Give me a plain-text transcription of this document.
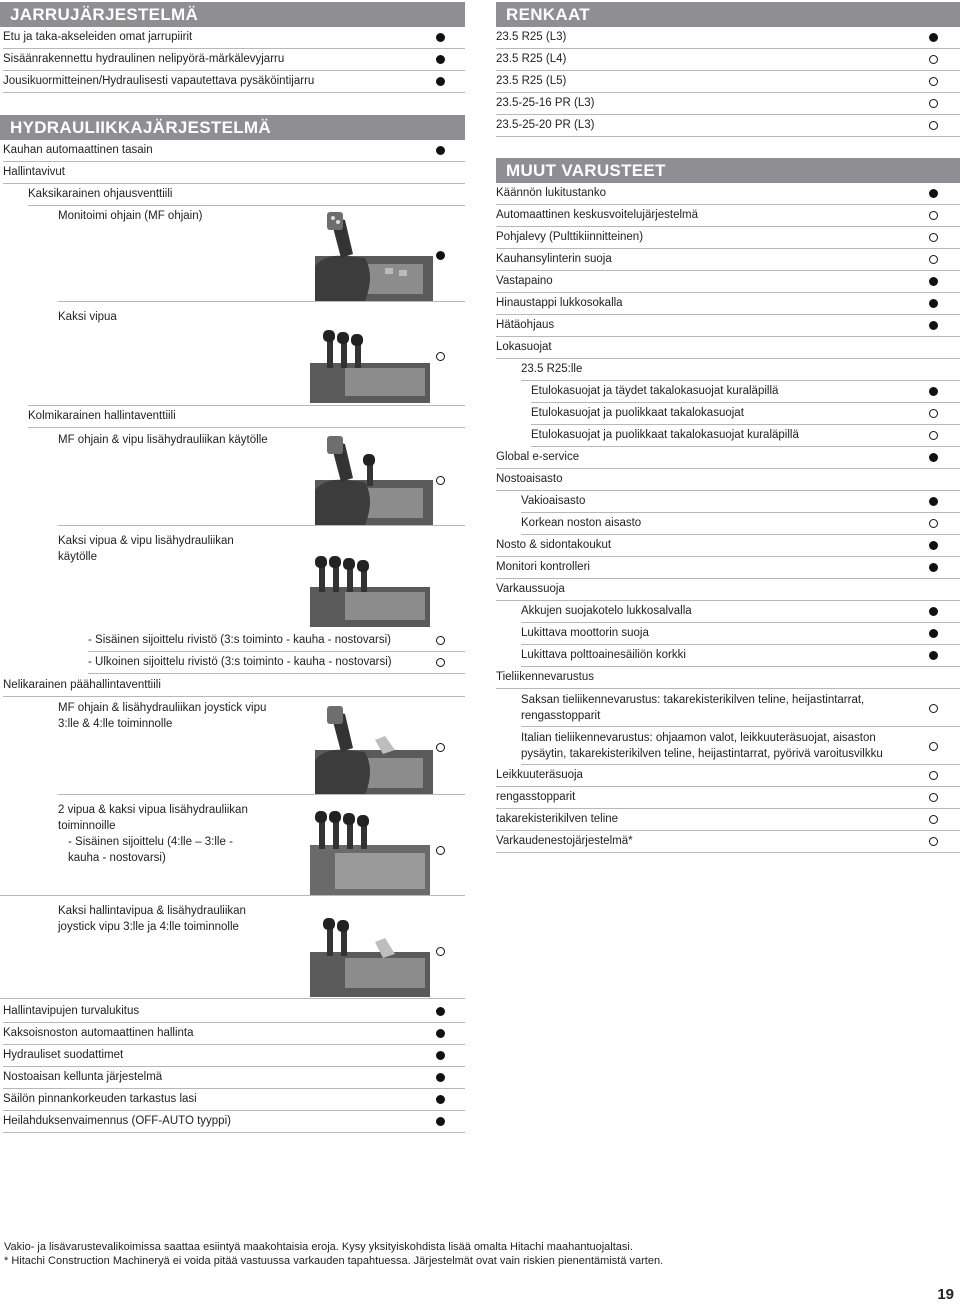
JARRUJÄRJESTELMÄ
Etu ja taka-akseleiden omat jarrupiirit
Sisäänrakennettu hydraulinen nelipyörä-märkälevyjarru
Jousikuormitteinen/Hydraulisesti vapautettava pysäköintijarru
HYDRAULIIKKAJÄRJESTELMÄ
Kauhan automaattinen tasain
Hallintavivut
Kaksikarainen ohjausventtiili
Monitoimi ohjain (MF ohjain)
Kaksi vipua
Kolmikarainen hallintaventtiili
MF ohjain & vipu lisähydrauliikan käytölle
Kaksi vipua & vipu lisähydrauliikan käytölle
- Sisäinen sijoittelu rivistö (3:s toiminto - kauha - nostovarsi)
- Ulkoinen sijoittelu rivistö (3:s toiminto - kauha - nostovarsi)
Nelikarainen päähallintaventtiili
MF ohjain & lisähydrauliikan joystick vipu 3:lle & 4:lle toiminnolle
2 vipua & kaksi vipua lisähydrauliikan toiminnoille
- Sisäinen sijoittelu (4:lle – 3:lle - kauha - nostovarsi)
Kaksi hallintavipua & lisähydrauliikan joystick vipu 3:lle ja 4:lle toiminnolle
Hallintavipujen turvalukitus
Kaksoisnoston automaattinen hallinta
Hydrauliset suodattimet
Nostoaisan kellunta järjestelmä
Säilön pinnankorkeuden tarkastus lasi
Heilahduksenvaimennus (OFF-AUTO tyyppi)
RENKAAT
23.5 R25 (L3)
23.5 R25 (L4)
23.5 R25 (L5)
23.5-25-16 PR (L3)
23.5-25-20 PR (L3)
MUUT VARUSTEET
Käännön lukitustanko
Automaattinen keskusvoitelujärjestelmä
Pohjalevy (Pulttikiinnitteinen)
Kauhansylinterin suoja
Vastapaino
Hinaustappi lukkosokalla
Hätäohjaus
Lokasuojat
23.5 R25:lle
Etulokasuojat ja täydet takalokasuojat kuraläpillä
Etulokasuojat ja puolikkaat takalokasuojat
Etulokasuojat ja puolikkaat takalokasuojat kuraläpillä
Global e-service
Nostoaisasto
Vakioaisasto
Korkean noston aisasto
Nosto & sidontakoukut
Monitori kontrolleri
Varkaussuoja
Akkujen suojakotelo lukkosalvalla
Lukittava moottorin suoja
Lukittava polttoainesäiliön korkki
Tieliikennevarustus
Saksan tieliikennevarustus: takarekisterikilven teline, heijastintarrat, rengasstopparit
Italian tieliikennevarustus: ohjaamon valot, leikkuuteräsuojat, aisaston pysäytin, takarekisterikilven teline, heijastintarrat, pyörivä varoitusvilkku
Leikkuuteräsuoja
rengasstopparit
takarekisterikilven teline
Varkaudenestojärjestelmä*
Vakio- ja lisävarustevalikoimissa saattaa esiintyä maakohtaisia eroja. Kysy yksityiskohdista lisää omalta Hitachi maahantuojaltasi.
* Hitachi Construction Machineryä ei voida pitää vastuussa varkauden tapahtuessa. Järjestelmät ovat vain riskien pienentämistä varten.
19
